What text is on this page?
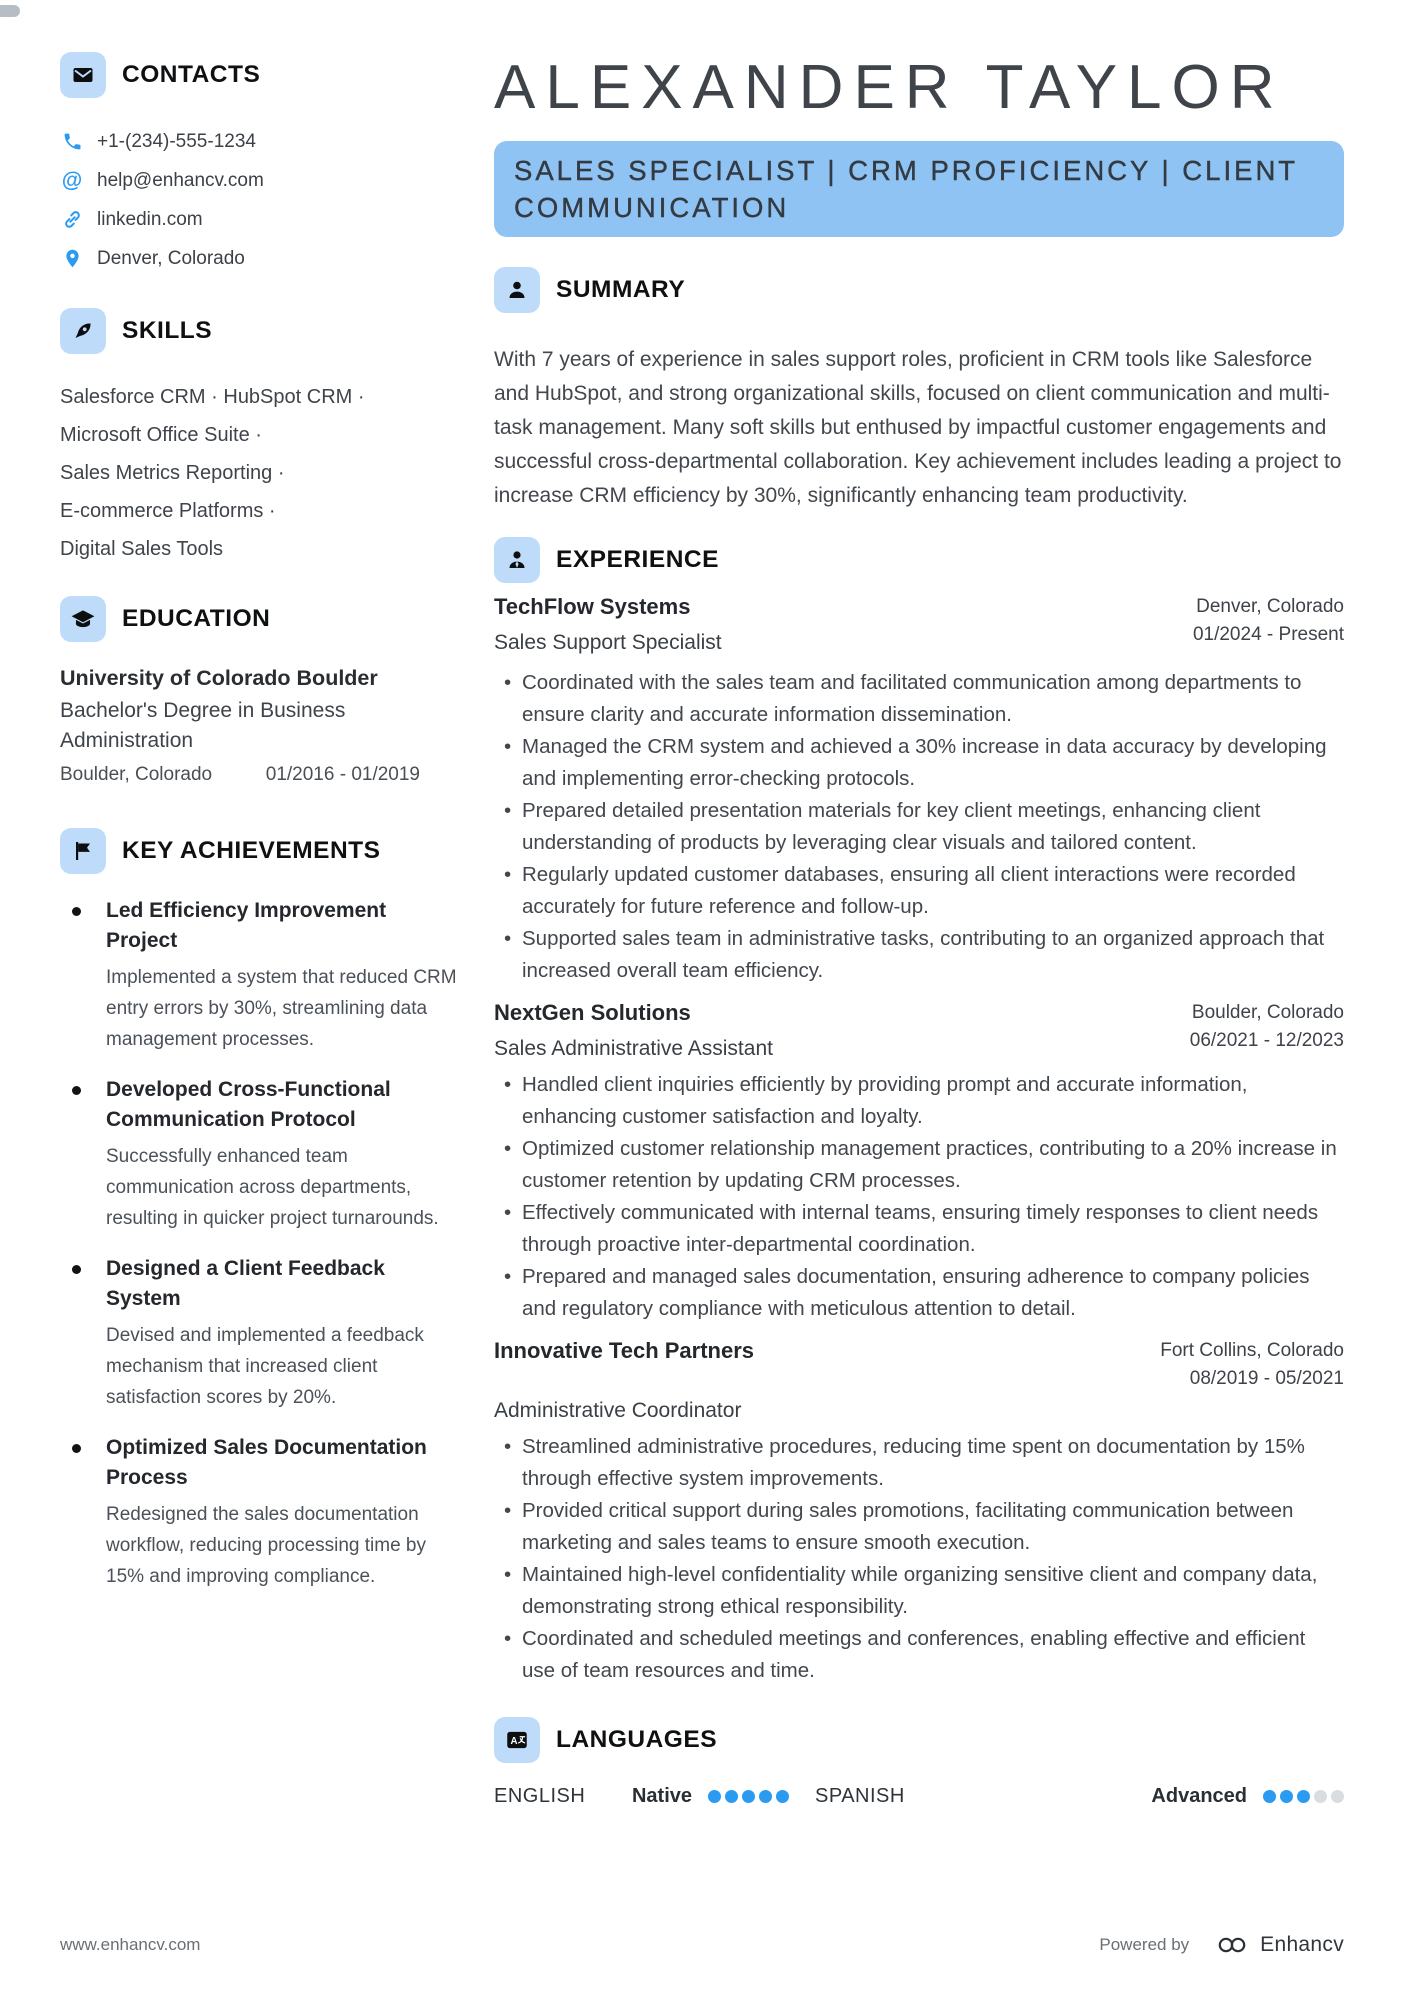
CONTACTS
+1-(234)-555-1234
@ help@enhancv.com
linkedin.com
Denver, Colorado
SKILLS
Salesforce CRM · HubSpot CRM ·
Microsoft Office Suite ·
Sales Metrics Reporting ·
E-commerce Platforms ·
Digital Sales Tools
EDUCATION
University of Colorado Boulder
Bachelor's Degree in Business Administration
Boulder, Colorado	01/2016 - 01/2019
KEY ACHIEVEMENTS
Led Efficiency Improvement Project
Implemented a system that reduced CRM entry errors by 30%, streamlining data management processes.
Developed Cross-Functional Communication Protocol
Successfully enhanced team communication across departments, resulting in quicker project turnarounds.
Designed a Client Feedback System
Devised and implemented a feedback mechanism that increased client satisfaction scores by 20%.
Optimized Sales Documentation Process
Redesigned the sales documentation workflow, reducing processing time by 15% and improving compliance.
ALEXANDER TAYLOR
SALES SPECIALIST | CRM PROFICIENCY | CLIENT COMMUNICATION
SUMMARY
With 7 years of experience in sales support roles, proficient in CRM tools like Salesforce and HubSpot, and strong organizational skills, focused on client communication and multi-task management. Many soft skills but enthused by impactful customer engagements and successful cross-departmental collaboration. Key achievement includes leading a project to increase CRM efficiency by 30%, significantly enhancing team productivity.
EXPERIENCE
TechFlow Systems
Sales Support Specialist
Denver, Colorado
01/2024 - Present
• Coordinated with the sales team and facilitated communication among departments to ensure clarity and accurate information dissemination.
• Managed the CRM system and achieved a 30% increase in data accuracy by developing and implementing error-checking protocols.
• Prepared detailed presentation materials for key client meetings, enhancing client understanding of products by leveraging clear visuals and tailored content.
• Regularly updated customer databases, ensuring all client interactions were recorded accurately for future reference and follow-up.
• Supported sales team in administrative tasks, contributing to an organized approach that increased overall team efficiency.
NextGen Solutions
Sales Administrative Assistant
Boulder, Colorado
06/2021 - 12/2023
• Handled client inquiries efficiently by providing prompt and accurate information, enhancing customer satisfaction and loyalty.
• Optimized customer relationship management practices, contributing to a 20% increase in customer retention by updating CRM processes.
• Effectively communicated with internal teams, ensuring timely responses to client needs through proactive inter-departmental coordination.
• Prepared and managed sales documentation, ensuring adherence to company policies and regulatory compliance with meticulous attention to detail.
Innovative Tech Partners
Administrative Coordinator
Fort Collins, Colorado
08/2019 - 05/2021
• Streamlined administrative procedures, reducing time spent on documentation by 15% through effective system improvements.
• Provided critical support during sales promotions, facilitating communication between marketing and sales teams to ensure smooth execution.
• Maintained high-level confidentiality while organizing sensitive client and company data, demonstrating strong ethical responsibility.
• Coordinated and scheduled meetings and conferences, enabling effective and efficient use of team resources and time.
A LANGUAGES
ENGLISH Native	SPANISH	Advanced
www.enhancv.com	Powered by	Enhancv
